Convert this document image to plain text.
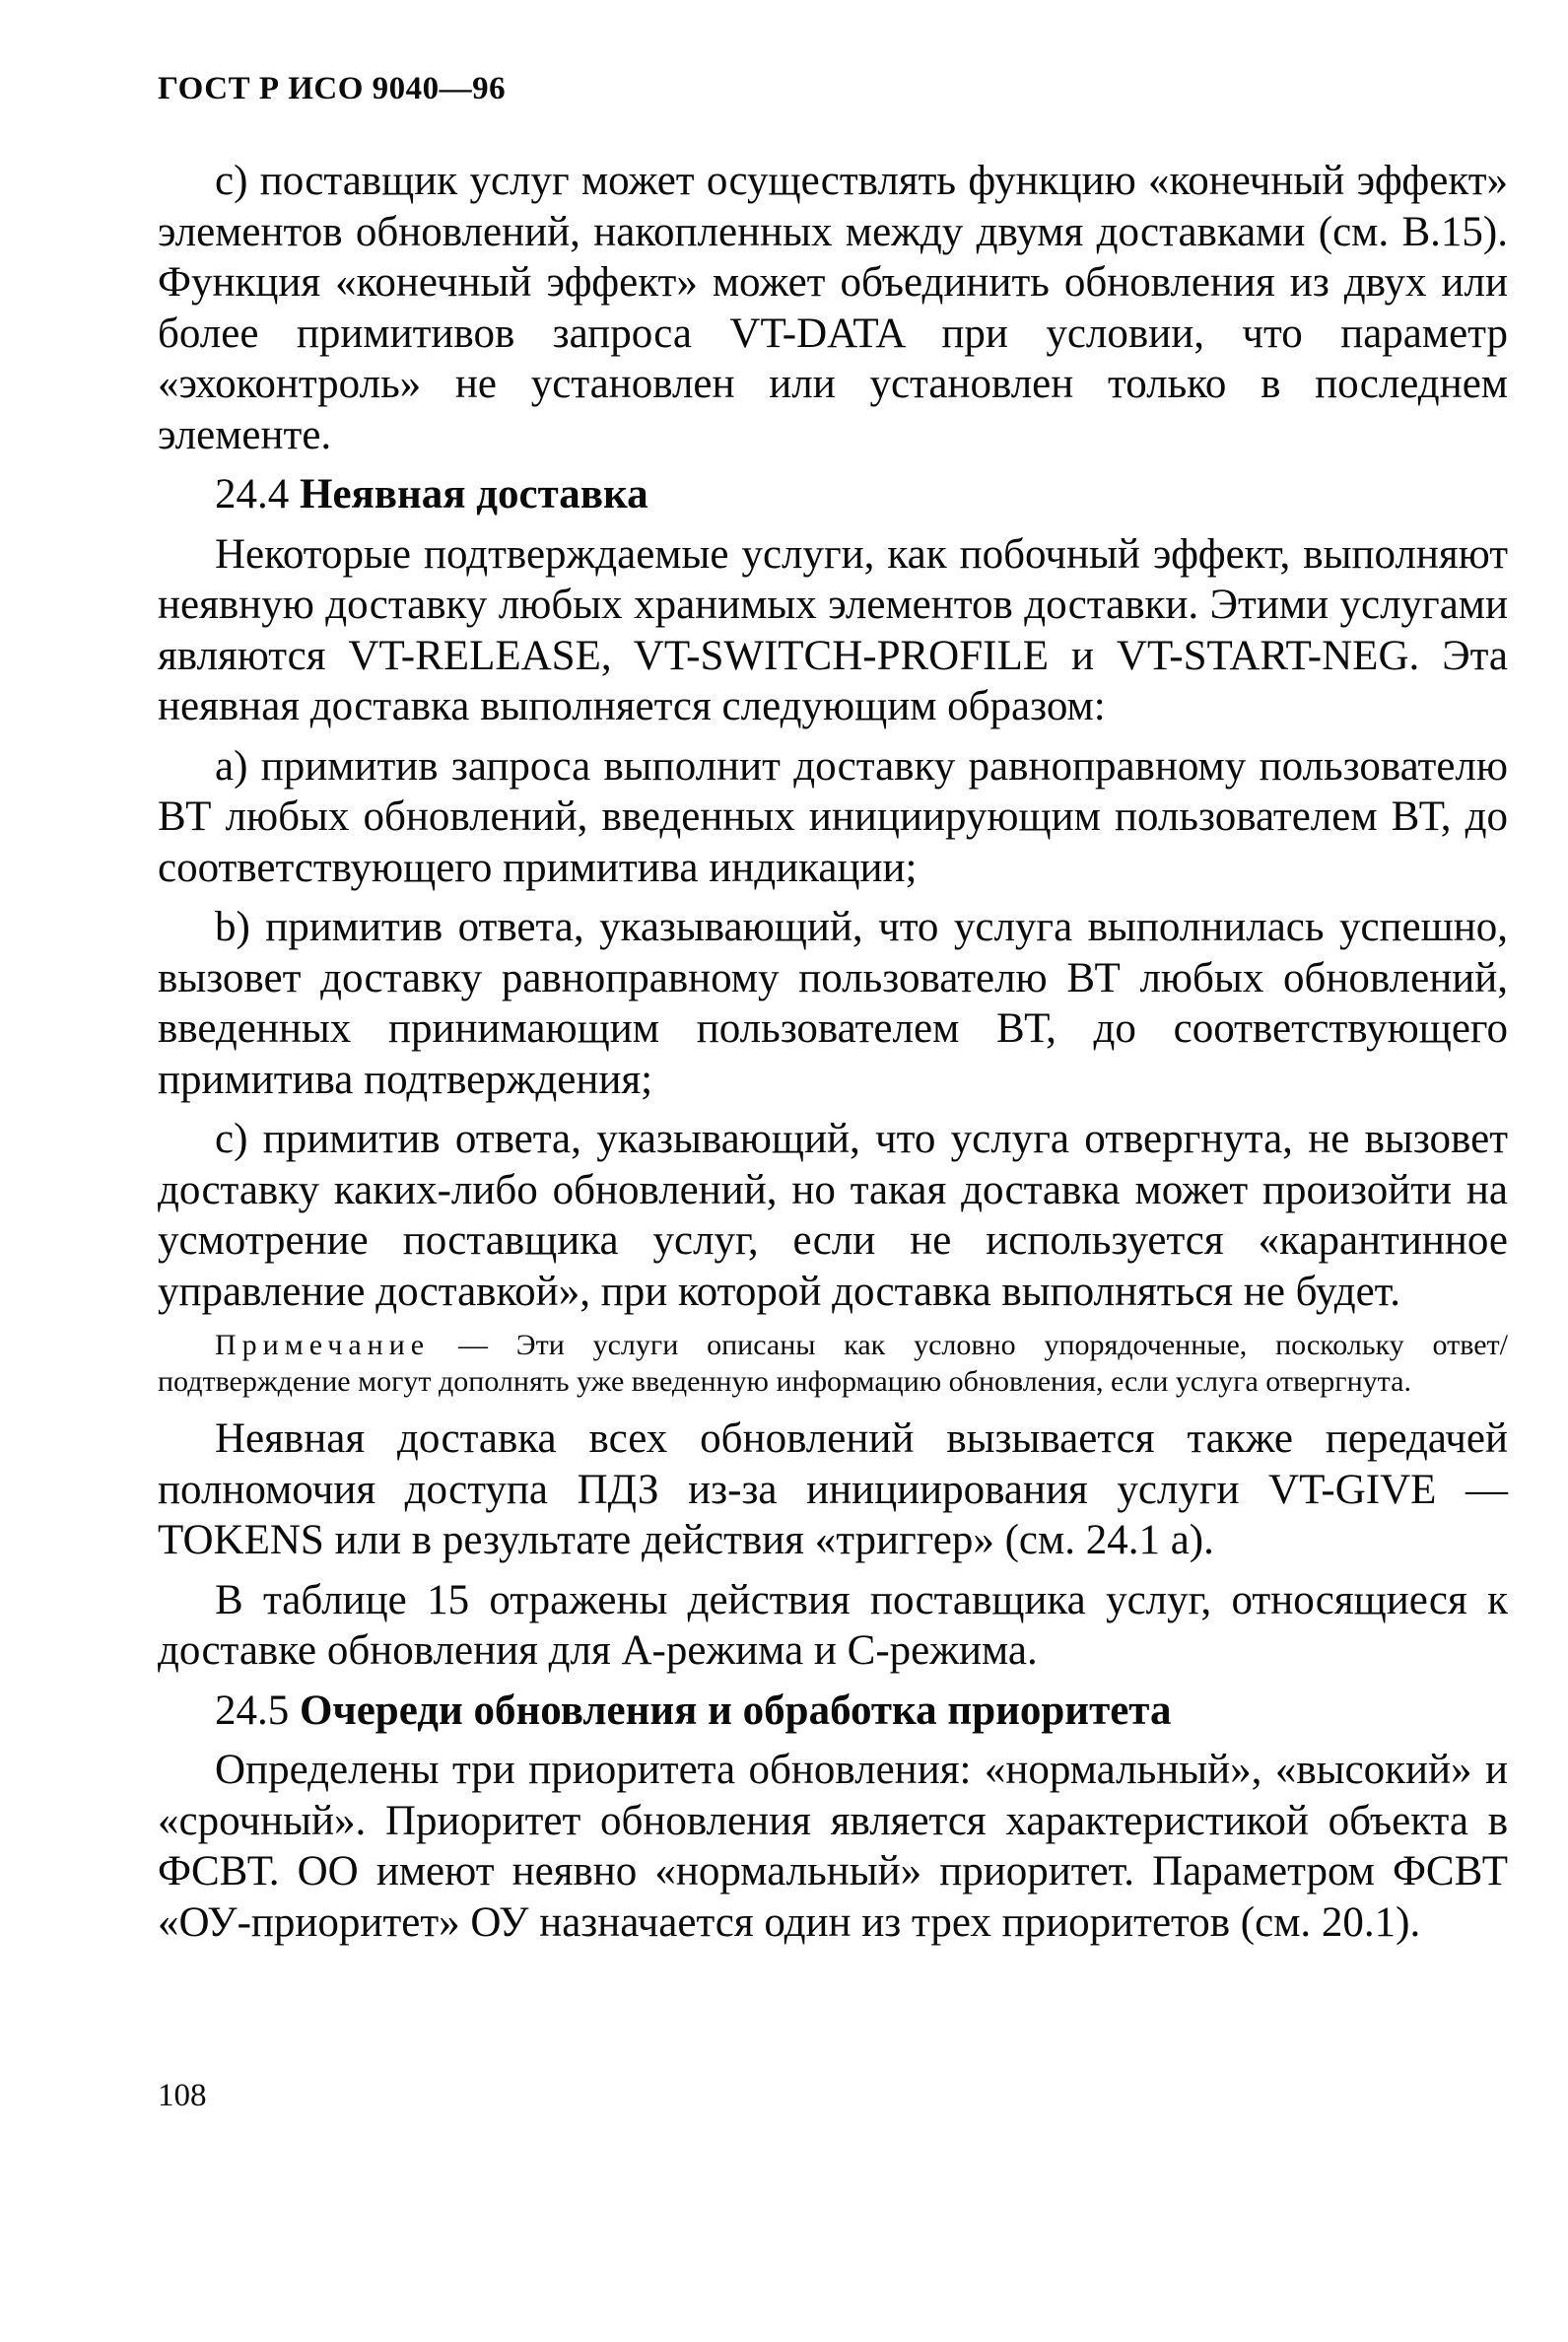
ГОСТ Р ИСО 9040—96

с) поставщик услуг может осуществлять функцию «конечный эффект» элементов обновлений, накопленных между двумя доставками (см. В.15). Функция «конечный эффект» может объединить обновления из двух или более примитивов запроса VT-DATA при условии, что параметр «эхоконтроль» не установлен или установлен только в последнем элементе.

24.4 Неявная доставка

Некоторые подтверждаемые услуги, как побочный эффект, выполняют неявную доставку любых хранимых элементов доставки. Этими услугами являются VT-RELEASE, VT-SWITCH-PROFILE и VT-START-NEG. Эта неявная доставка выполняется следующим образом:

а) примитив запроса выполнит доставку равноправному пользователю ВТ любых обновлений, введенных инициирующим пользователем ВТ, до соответствующего примитива индикации;

b) примитив ответа, указывающий, что услуга выполнилась успешно, вызовет доставку равноправному пользователю ВТ любых обновлений, введенных принимающим пользователем ВТ, до соответствующего примитива подтверждения;

с) примитив ответа, указывающий, что услуга отвергнута, не вызовет доставку каких-либо обновлений, но такая доставка может произойти на усмотрение поставщика услуг, если не используется «карантинное управление доставкой», при которой доставка выполняться не будет.

Примечание — Эти услуги описаны как условно упорядоченные, поскольку ответ/подтверждение могут дополнять уже введенную информацию обновления, если услуга отвергнута.

Неявная доставка всех обновлений вызывается также передачей полномочия доступа ПДЗ из-за инициирования услуги VT-GIVE — TOKENS или в результате действия «триггер» (см. 24.1 а).

В таблице 15 отражены действия поставщика услуг, относящиеся к доставке обновления для А-режима и С-режима.

24.5 Очереди обновления и обработка приоритета

Определены три приоритета обновления: «нормальный», «высокий» и «срочный». Приоритет обновления является характеристикой объекта в ФСВТ. ОО имеют неявно «нормальный» приоритет. Параметром ФСВТ «ОУ-приоритет» ОУ назначается один из трех приоритетов (см. 20.1).

108
